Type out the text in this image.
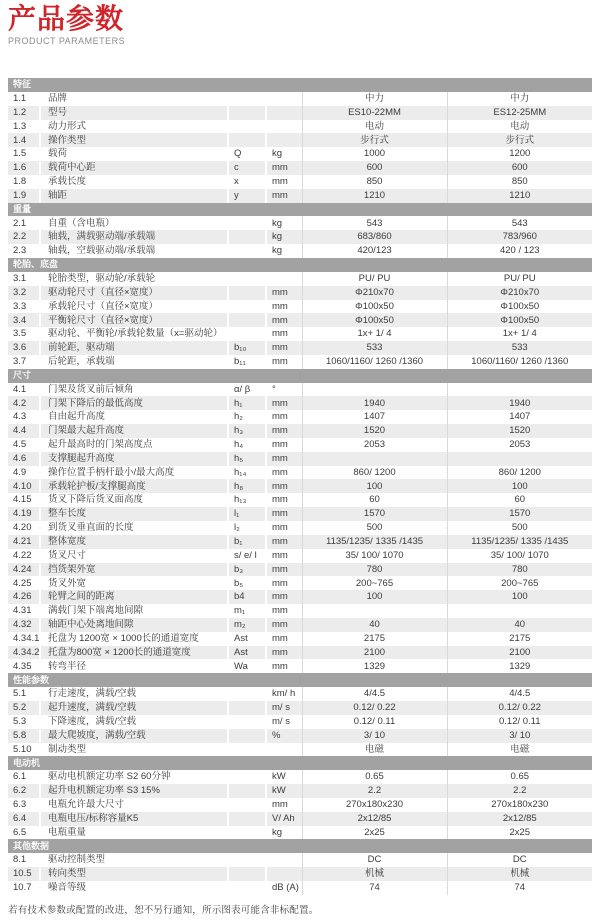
产品参数
PRODUCT PARAMETERS
特征					
1.1	品牌			中力	中力
1.2	型号			ES10-22MM	ES12-25MM
1.3	动力形式			电动	电动
1.4	操作类型			步行式	步行式
1.5	载荷	Q	kg	1000	1200
1.6	载荷中心距	c	mm	600	600
1.8	承载长度	x	mm	850	850
1.9	轴距	y	mm	1210	1210
重量					
2.1	自重（含电瓶）		kg	543	543
2.2	轴载，满载驱动端/承载端		kg	683/860	783/960
2.3	轴载，空载驱动端/承载端		kg	420/123	420 / 123
轮胎、底盘					
3.1	轮胎类型，驱动轮/承载轮			PU/ PU	PU/ PU
3.2	驱动轮尺寸（直径×宽度）		mm	Φ210x70	Φ210x70
3.3	承载轮尺寸（直径×宽度）		mm	Φ100x50	Φ100x50
3.4	平衡轮尺寸（直径×宽度）		mm	Φ100x50	Φ100x50
3.5	驱动轮、平衡轮/承载轮数量（x=驱动轮）		mm	1x+ 1/ 4	1x+ 1/ 4
3.6	前轮距，驱动端	b₁₀	mm	533	533
3.7	后轮距，承载端	b₁₁	mm	1060/1160/ 1260 /1360	1060/1160/ 1260 /1360
尺寸					
4.1	门架及货叉前后倾角	α/ β	°		
4.2	门架下降后的最低高度	h₁	mm	1940	1940
4.3	自由起升高度	h₂	mm	1407	1407
4.4	门架最大起升高度	h₃	mm	1520	1520
4.5	起升最高时的门架高度点	h₄	mm	2053	2053
4.6	支撑腿起升高度	h₅	mm		
4.9	操作位置手柄杆最小/最大高度	h₁₄	mm	860/ 1200	860/ 1200
4.10	承载轮护板/支撑腿高度	h₈	mm	100	100
4.15	货叉下降后货叉面高度	h₁₃	mm	60	60
4.19	整车长度	l₁	mm	1570	1570
4.20	到货叉垂直面的长度	l₂	mm	500	500
4.21	整体宽度	b₁	mm	1135/1235/ 1335 /1435	1135/1235/ 1335 /1435
4.22	货叉尺寸	s/ e/ l	mm	35/ 100/ 1070	35/ 100/ 1070
4.24	挡货架外宽	b₃	mm	780	780
4.25	货叉外宽	b₅	mm	200~765	200~765
4.26	轮臂之间的距离	b4	mm	100	100
4.31	满载门架下端离地间隙	m₁	mm		
4.32	轴距中心处离地间隙	m₂	mm	40	40
4.34.1	托盘为 1200宽 × 1000长的通道宽度	Ast	mm	2175	2175
4.34.2	托盘为800宽 × 1200长的通道宽度	Ast	mm	2100	2100
4.35	转弯半径	Wa	mm	1329	1329
性能参数					
5.1	行走速度，满载/空载		km/ h	4/4.5	4/4.5
5.2	起升速度，满载/空载		m/ s	0.12/ 0.22	0.12/ 0.22
5.3	下降速度，满载/空载		m/ s	0.12/ 0.11	0.12/ 0.11
5.8	最大爬坡度，满载/空载		%	3/ 10	3/ 10
5.10	制动类型			电磁	电磁
电动机					
6.1	驱动电机额定功率 S2 60分钟		kW	0.65	0.65
6.2	起升电机额定功率 S3 15%		kW	2.2	2.2
6.3	电瓶允许最大尺寸		mm	270x180x230	270x180x230
6.4	电瓶电压/标称容量K5		V/ Ah	2x12/85	2x12/85
6.5	电瓶重量		kg	2x25	2x25
其他数据					
8.1	驱动控制类型			DC	DC
10.5	转向类型			机械	机械
10.7	噪音等级		dB (A)	74	74
若有技术参数或配置的改进，恕不另行通知，所示图表可能含非标配置。
